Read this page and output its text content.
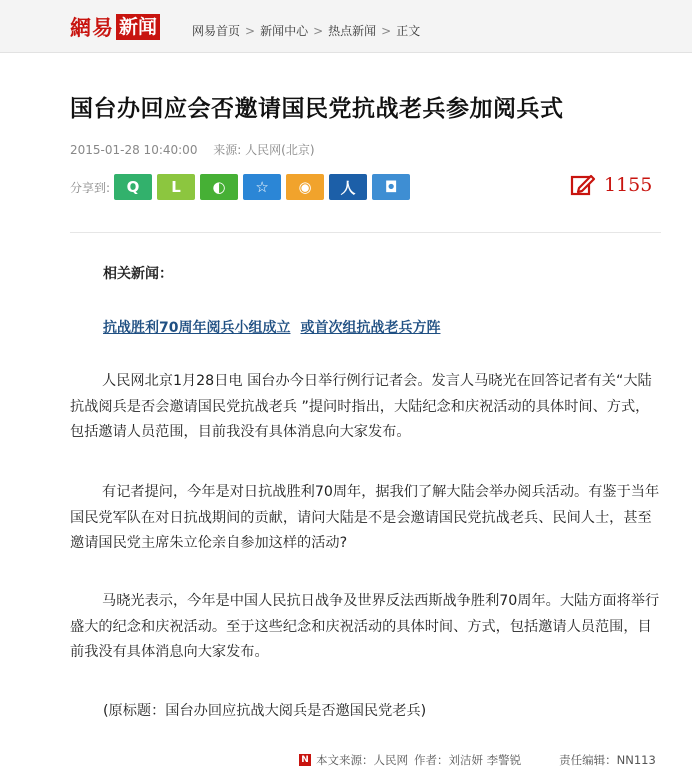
網易 新闻	网易首页 > 新闻中心 > 热点新闻 > 正文
国台办回应会否邀请国民党抗战老兵参加阅兵式
2015-01-28 10:40:00 来源: 人民网(北京)
分享到:	Q	L	◐	☆	◉	人	◘	1155
相关新闻：
抗战胜利70周年阅兵小组成立 或首次组抗战老兵方阵

人民网北京1月28日电 国台办今日举行例行记者会。发言人马晓光在回答记者有关“大陆抗战阅兵是否会邀请国民党抗战老兵 ”提问时指出，大陆纪念和庆祝活动的具体时间、方式，包括邀请人员范围，目前我没有具体消息向大家发布。

有记者提问，今年是对日抗战胜利70周年，据我们了解大陆会举办阅兵活动。有鉴于当年国民党军队在对日抗战期间的贡献，请问大陆是不是会邀请国民党抗战老兵、民间人士，甚至邀请国民党主席朱立伦亲自参加这样的活动?

马晓光表示，今年是中国人民抗日战争及世界反法西斯战争胜利70周年。大陆方面将举行盛大的纪念和庆祝活动。至于这些纪念和庆祝活动的具体时间、方式，包括邀请人员范围，目前我没有具体消息向大家发布。

(原标题：国台办回应抗战大阅兵是否邀国民党老兵)
N 本文来源：人民网 作者：刘洁妍 李警锐	责任编辑：NN113
